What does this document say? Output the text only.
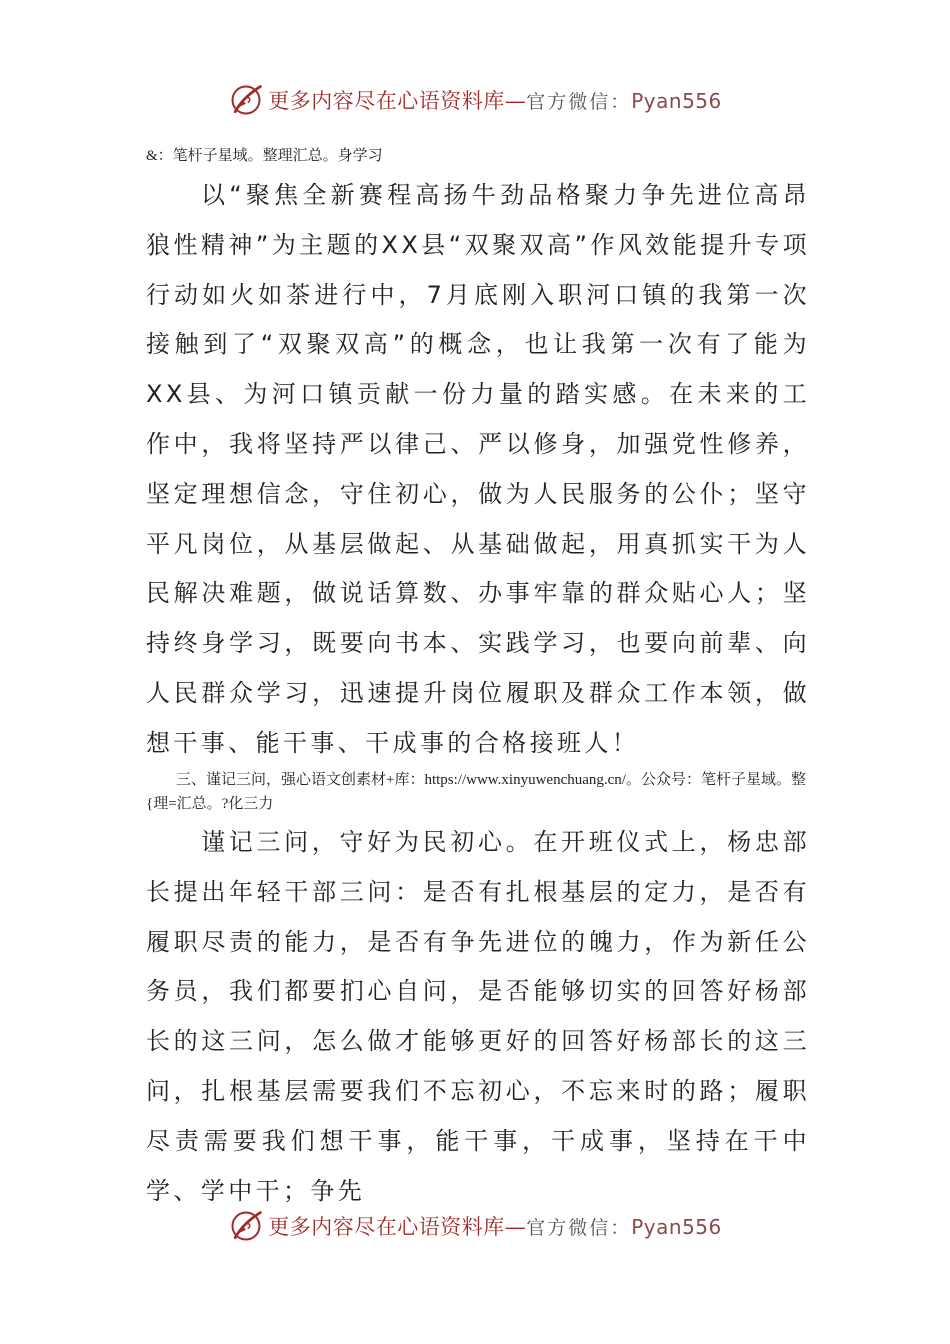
更多内容尽在心语资料库—官方微信：Pyan556
&：笔杆子星域。整理汇总。身学习

以“聚焦全新赛程高扬牛劲品格聚力争先进位高昂狼性精神”为主题的XX县“双聚双高”作风效能提升专项行动如火如茶进行中，7月底刚入职河口镇的我第一次接触到了“双聚双高”的概念，也让我第一次有了能为XX县、为河口镇贡献一份力量的踏实感。在未来的工作中，我将坚持严以律己、严以修身，加强党性修养，坚定理想信念，守住初心，做为人民服务的公仆；坚守平凡岗位，从基层做起、从基础做起，用真抓实干为人民解决难题，做说话算数、办事牢靠的群众贴心人；坚持终身学习，既要向书本、实践学习，也要向前辈、向人民群众学习，迅速提升岗位履职及群众工作本领，做想干事、能干事、干成事的合格接班人！

三、谨记三问，强心语文创素材+库：https://www.xinyuwenchuang.cn/。公众号：笔杆子星域。整{理=汇总。?化三力

谨记三问，守好为民初心。在开班仪式上，杨忠部长提出年轻干部三问：是否有扎根基层的定力，是否有履职尽责的能力，是否有争先进位的魄力，作为新任公务员，我们都要扪心自问，是否能够切实的回答好杨部长的这三问，怎么做才能够更好的回答好杨部长的这三问，扎根基层需要我们不忘初心，不忘来时的路；履职尽责需要我们想干事，能干事，干成事，坚持在干中学、学中干；争先

更多内容尽在心语资料库—官方微信：Pyan556
